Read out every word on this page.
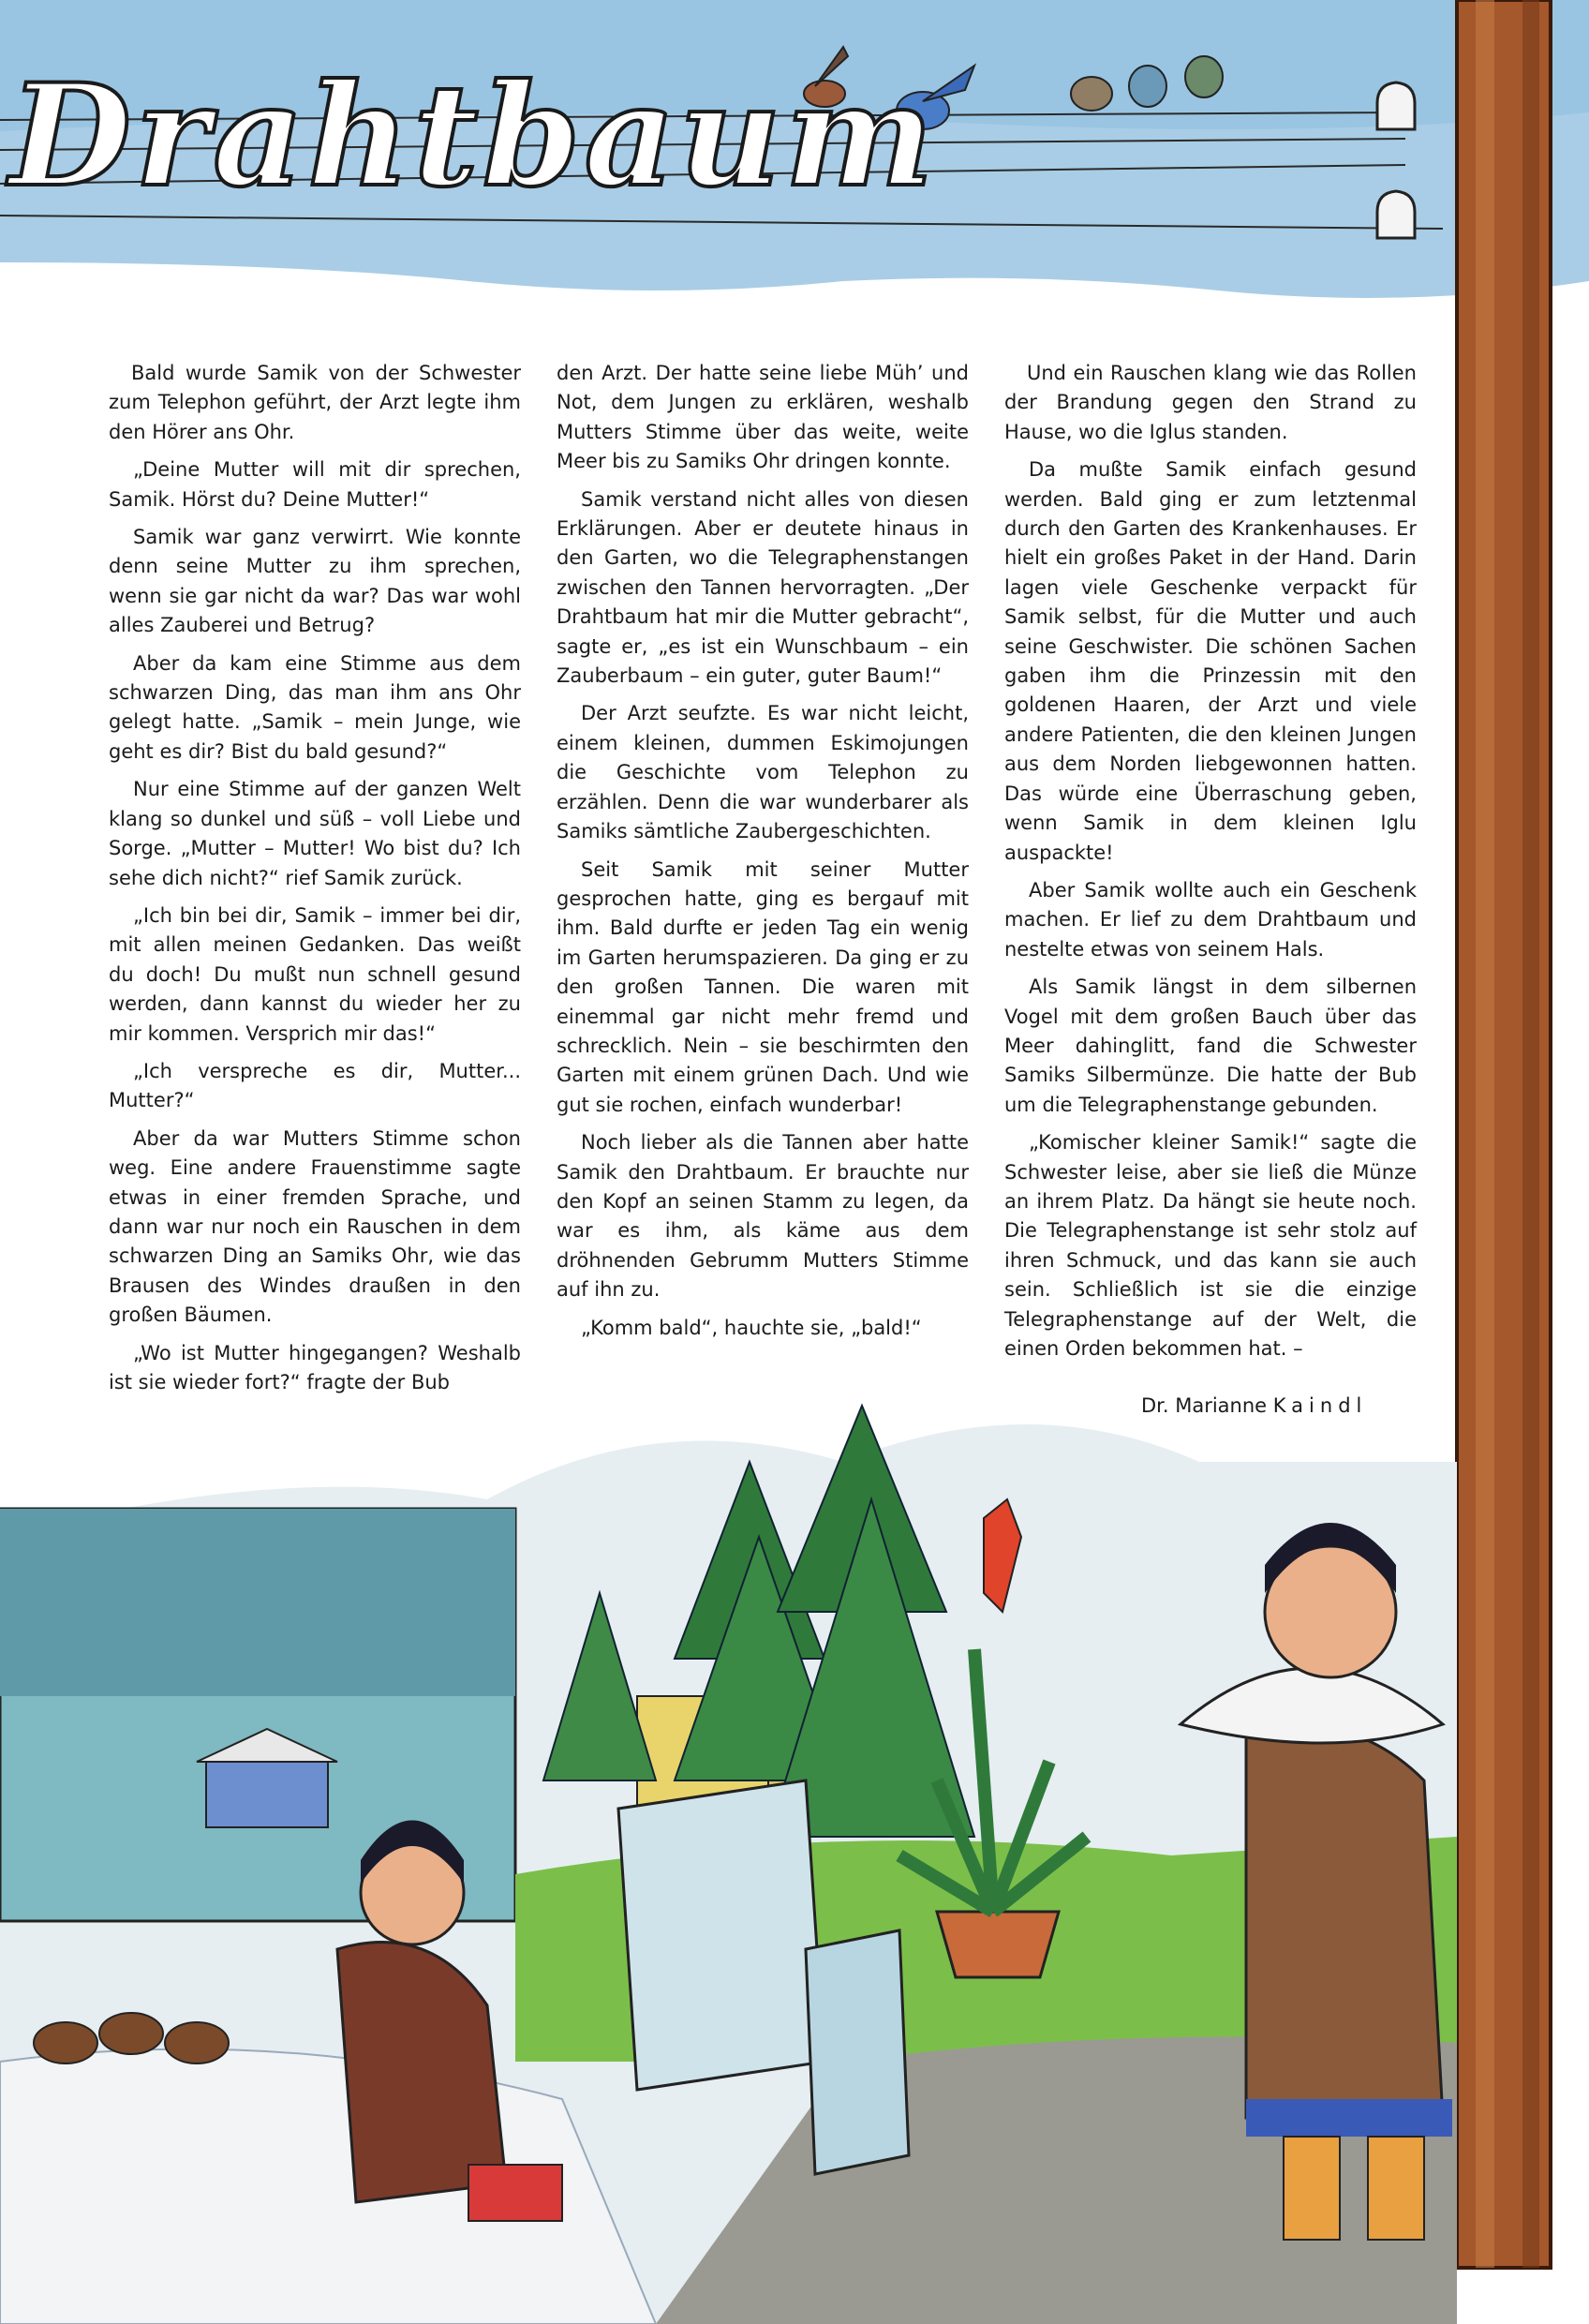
Drahtbaum

Bald wurde Samik von der Schwester zum Telephon geführt, der Arzt legte ihm den Hörer ans Ohr.

„Deine Mutter will mit dir sprechen, Samik. Hörst du? Deine Mutter!“

Samik war ganz verwirrt. Wie konnte denn seine Mutter zu ihm sprechen, wenn sie gar nicht da war? Das war wohl alles Zauberei und Betrug?

Aber da kam eine Stimme aus dem schwarzen Ding, das man ihm ans Ohr gelegt hatte. „Samik – mein Junge, wie geht es dir? Bist du bald gesund?“

Nur eine Stimme auf der ganzen Welt klang so dunkel und süß – voll Liebe und Sorge. „Mutter – Mutter! Wo bist du? Ich sehe dich nicht?“ rief Samik zurück.

„Ich bin bei dir, Samik – immer bei dir, mit allen meinen Gedanken. Das weißt du doch! Du mußt nun schnell gesund werden, dann kannst du wieder her zu mir kommen. Versprich mir das!“

„Ich verspreche es dir, Mutter... Mutter?“

Aber da war Mutters Stimme schon weg. Eine andere Frauenstimme sagte etwas in einer fremden Sprache, und dann war nur noch ein Rauschen in dem schwarzen Ding an Samiks Ohr, wie das Brausen des Windes draußen in den großen Bäumen.

„Wo ist Mutter hingegangen? Weshalb ist sie wieder fort?“ fragte der Bub

den Arzt. Der hatte seine liebe Müh’ und Not, dem Jungen zu erklären, weshalb Mutters Stimme über das weite, weite Meer bis zu Samiks Ohr dringen konnte.

Samik verstand nicht alles von diesen Erklärungen. Aber er deutete hinaus in den Garten, wo die Telegraphenstangen zwischen den Tannen hervorragten. „Der Drahtbaum hat mir die Mutter gebracht“, sagte er, „es ist ein Wunschbaum – ein Zauberbaum – ein guter, guter Baum!“

Der Arzt seufzte. Es war nicht leicht, einem kleinen, dummen Eskimojungen die Geschichte vom Telephon zu erzählen. Denn die war wunderbarer als Samiks sämtliche Zaubergeschichten.

Seit Samik mit seiner Mutter gesprochen hatte, ging es bergauf mit ihm. Bald durfte er jeden Tag ein wenig im Garten herumspazieren. Da ging er zu den großen Tannen. Die waren mit einemmal gar nicht mehr fremd und schrecklich. Nein – sie beschirmten den Garten mit einem grünen Dach. Und wie gut sie rochen, einfach wunderbar!

Noch lieber als die Tannen aber hatte Samik den Drahtbaum. Er brauchte nur den Kopf an seinen Stamm zu legen, da war es ihm, als käme aus dem dröhnenden Gebrumm Mutters Stimme auf ihn zu.

„Komm bald“, hauchte sie, „bald!“

Und ein Rauschen klang wie das Rollen der Brandung gegen den Strand zu Hause, wo die Iglus standen.

Da mußte Samik einfach gesund werden. Bald ging er zum letztenmal durch den Garten des Krankenhauses. Er hielt ein großes Paket in der Hand. Darin lagen viele Geschenke verpackt für Samik selbst, für die Mutter und auch seine Geschwister. Die schönen Sachen gaben ihm die Prinzessin mit den goldenen Haaren, der Arzt und viele andere Patienten, die den kleinen Jungen aus dem Norden liebgewonnen hatten. Das würde eine Überraschung geben, wenn Samik in dem kleinen Iglu auspackte!

Aber Samik wollte auch ein Geschenk machen. Er lief zu dem Drahtbaum und nestelte etwas von seinem Hals.

Als Samik längst in dem silbernen Vogel mit dem großen Bauch über das Meer dahinglitt, fand die Schwester Samiks Silbermünze. Die hatte der Bub um die Telegraphenstange gebunden.

„Komischer kleiner Samik!“ sagte die Schwester leise, aber sie ließ die Münze an ihrem Platz. Da hängt sie heute noch. Die Telegraphenstange ist sehr stolz auf ihren Schmuck, und das kann sie auch sein. Schließlich ist sie die einzige Telegraphenstange auf der Welt, die einen Orden bekommen hat. –

Dr. Marianne Kaindl
